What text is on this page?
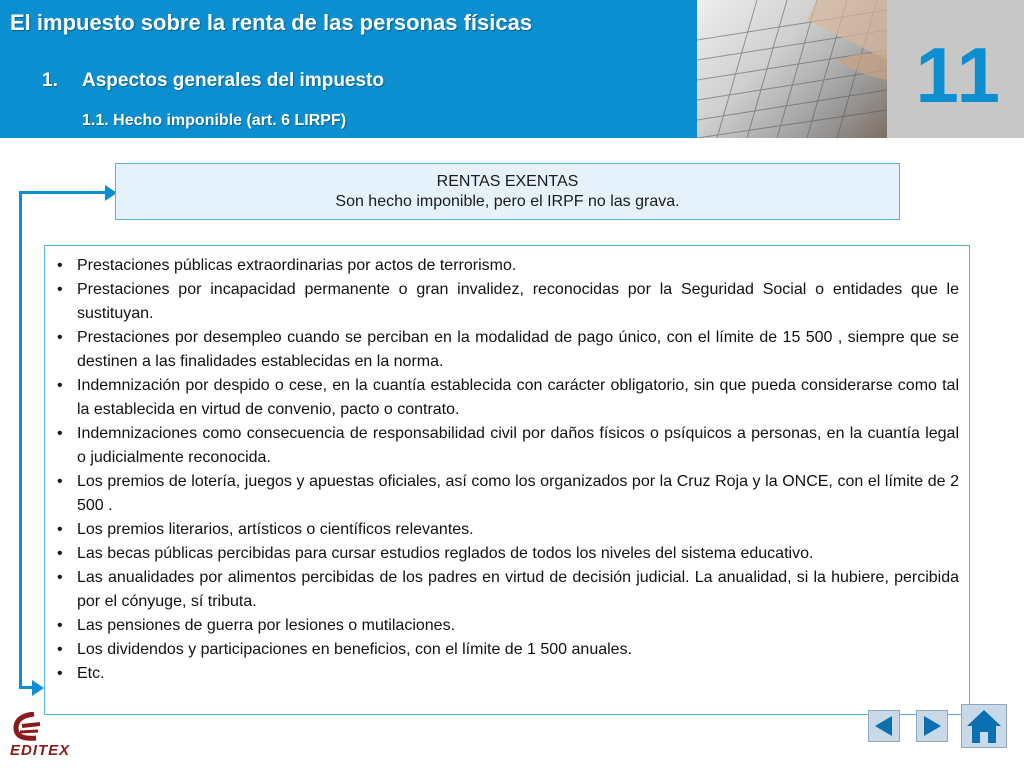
El impuesto sobre la renta de las personas físicas
1. Aspectos generales del impuesto
1.1. Hecho imponible (art. 6 LIRPF)
11
RENTAS EXENTAS
Son hecho imponible, pero el IRPF no las grava.
• Prestaciones públicas extraordinarias por actos de terrorismo.
• Prestaciones por incapacidad permanente o gran invalidez, reconocidas por la Seguridad Social o entidades que le sustituyan.
• Prestaciones por desempleo cuando se perciban en la modalidad de pago único, con el límite de 15 500 , siempre que se destinen a las finalidades establecidas en la norma.
• Indemnización por despido o cese, en la cuantía establecida con carácter obligatorio, sin que pueda considerarse como tal la establecida en virtud de convenio, pacto o contrato.
• Indemnizaciones como consecuencia de responsabilidad civil por daños físicos o psíquicos a personas, en la cuantía legal o judicialmente reconocida.
• Los premios de lotería, juegos y apuestas oficiales, así como los organizados por la Cruz Roja y la ONCE, con el límite de 2 500 .
• Los premios literarios, artísticos o científicos relevantes.
• Las becas públicas percibidas para cursar estudios reglados de todos los niveles del sistema educativo.
• Las anualidades por alimentos percibidas de los padres en virtud de decisión judicial. La anualidad, si la hubiere, percibida por el cónyuge, sí tributa.
• Las pensiones de guerra por lesiones o mutilaciones.
• Los dividendos y participaciones en beneficios, con el límite de 1 500 anuales.
• Etc.
EDITEX
